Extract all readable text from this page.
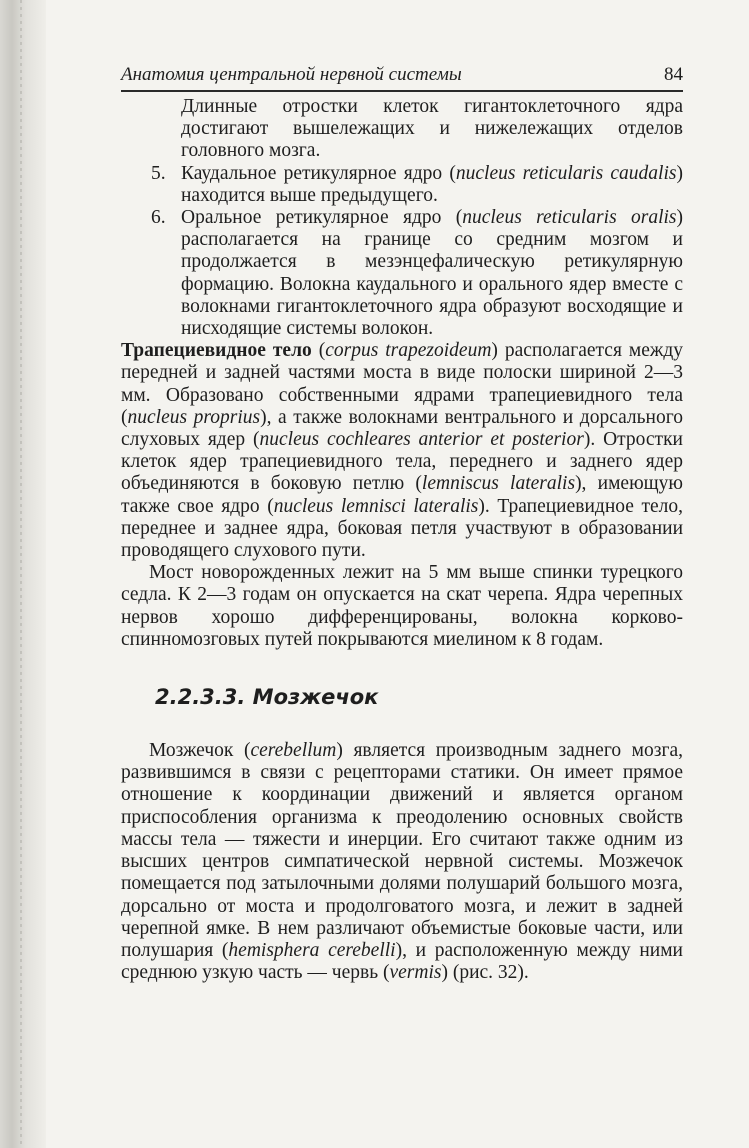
Анатомия центральной нервной системы	84

Длинные отростки клеток гигантоклеточного ядра достигают вышележащих и нижележащих отделов головного мозга.

5. Каудальное ретикулярное ядро (nucleus reticularis caudalis) находится выше предыдущего.
6. Оральное ретикулярное ядро (nucleus reticularis oralis) располагается на границе со средним мозгом и продолжается в мезэнцефалическую ретикулярную формацию. Волокна каудального и орального ядер вместе с волокнами гигантоклеточного ядра образуют восходящие и нисходящие системы волокон.

Трапециевидное тело (corpus trapezoideum) располагается между передней и задней частями моста в виде полоски шириной 2—3 мм. Образовано собственными ядрами трапециевидного тела (nucleus proprius), а также волокнами вентрального и дорсального слуховых ядер (nucleus cochleares anterior et posterior). Отростки клеток ядер трапециевидного тела, переднего и заднего ядер объединяются в боковую петлю (lemniscus lateralis), имеющую также свое ядро (nucleus lemnisci lateralis). Трапециевидное тело, переднее и заднее ядра, боковая петля участвуют в образовании проводящего слухового пути.

Мост новорожденных лежит на 5 мм выше спинки турецкого седла. К 2—3 годам он опускается на скат черепа. Ядра черепных нервов хорошо дифференцированы, волокна корково-спинномозговых путей покрываются миелином к 8 годам.

2.2.3.3. Мозжечок

Мозжечок (cerebellum) является производным заднего мозга, развившимся в связи с рецепторами статики. Он имеет прямое отношение к координации движений и является органом приспособления организма к преодолению основных свойств массы тела — тяжести и инерции. Его считают также одним из высших центров симпатической нервной системы. Мозжечок помещается под затылочными долями полушарий большого мозга, дорсально от моста и продолговатого мозга, и лежит в задней черепной ямке. В нем различают объемистые боковые части, или полушария (hemisphera cerebelli), и расположенную между ними среднюю узкую часть — червь (vermis) (рис. 32).
